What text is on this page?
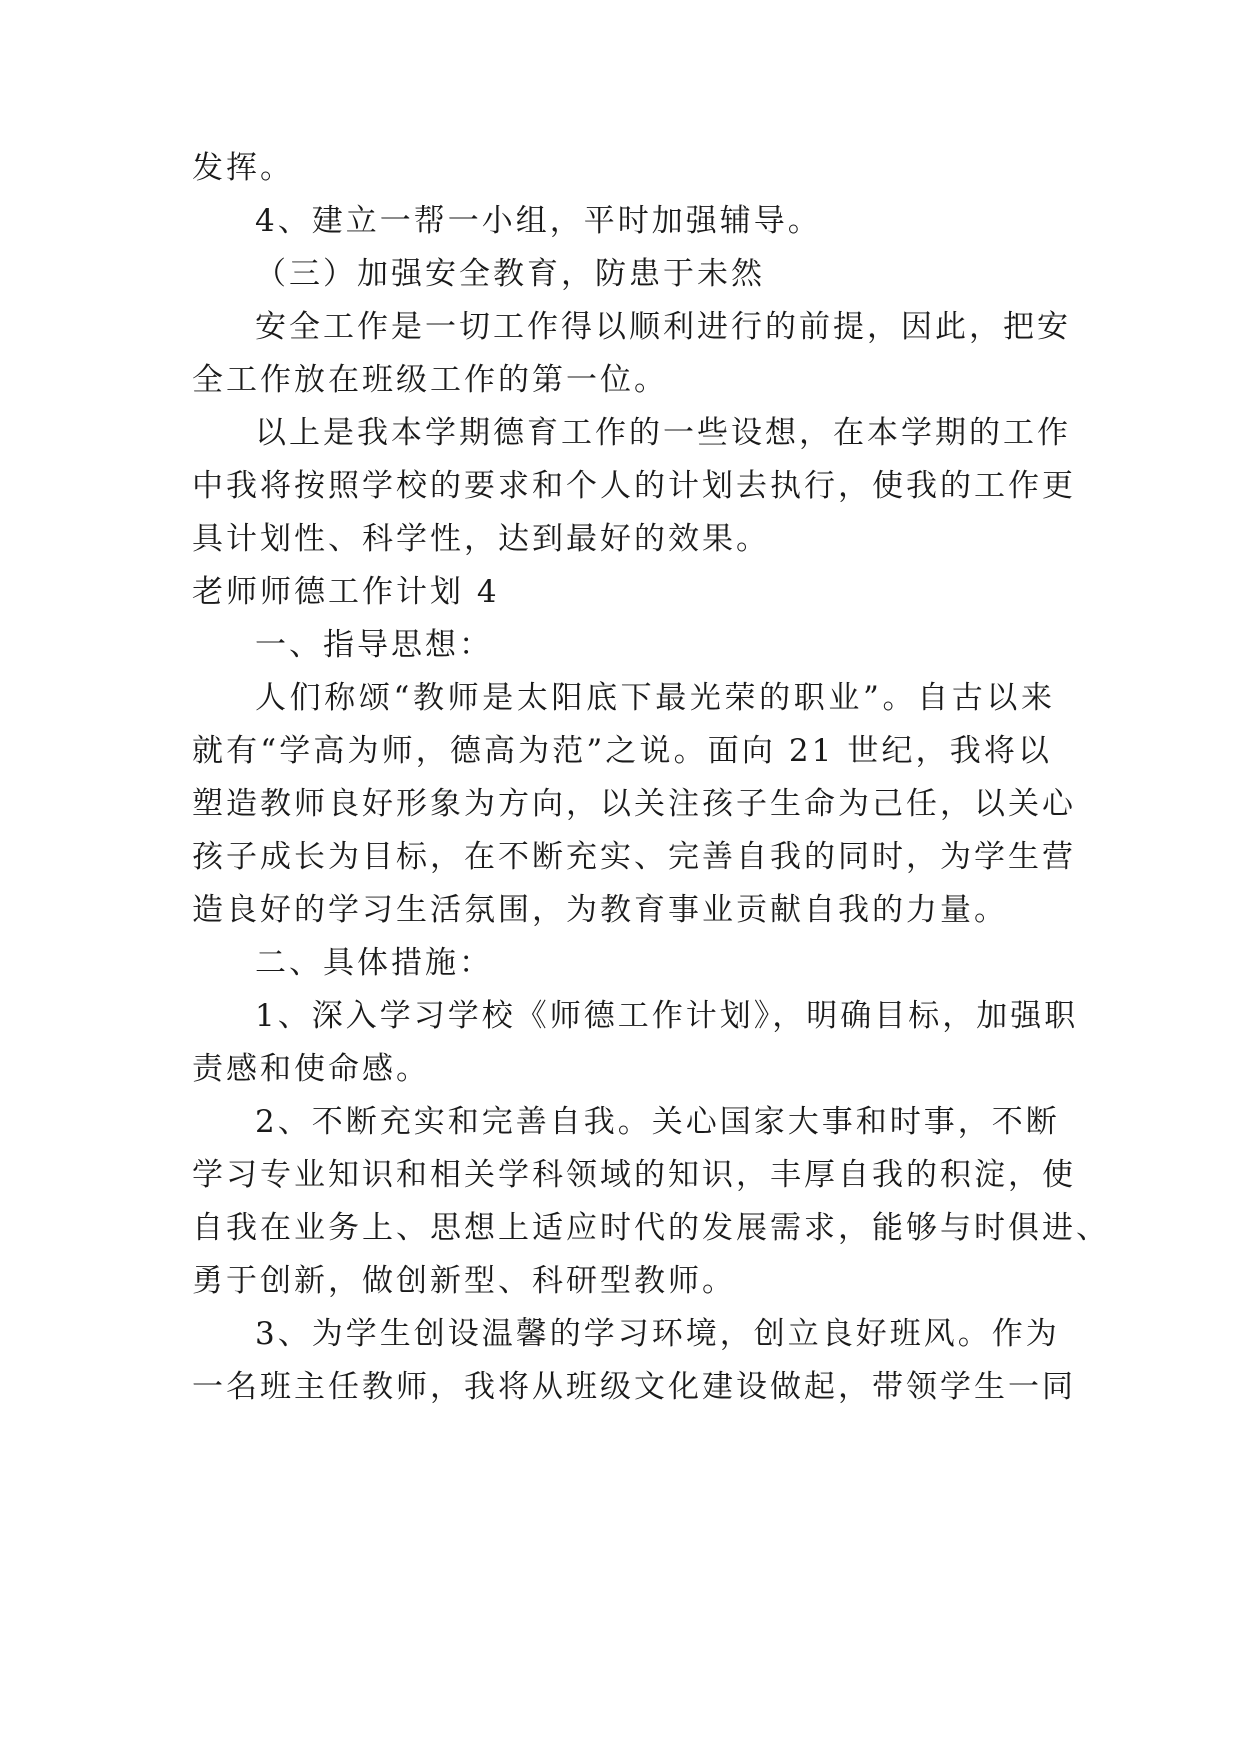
发挥。
4、建立一帮一小组，平时加强辅导。
（三）加强安全教育，防患于未然
安全工作是一切工作得以顺利进行的前提，因此，把安
全工作放在班级工作的第一位。
以上是我本学期德育工作的一些设想，在本学期的工作
中我将按照学校的要求和个人的计划去执行，使我的工作更
具计划性、科学性，达到最好的效果。
老师师德工作计划 4
一、指导思想：
人们称颂“教师是太阳底下最光荣的职业”。自古以来
就有“学高为师，德高为范”之说。面向 21 世纪，我将以
塑造教师良好形象为方向，以关注孩子生命为己任，以关心
孩子成长为目标，在不断充实、完善自我的同时，为学生营
造良好的学习生活氛围，为教育事业贡献自我的力量。
二、具体措施：
1、深入学习学校《师德工作计划》，明确目标，加强职
责感和使命感。
2、不断充实和完善自我。关心国家大事和时事，不断
学习专业知识和相关学科领域的知识，丰厚自我的积淀，使
自我在业务上、思想上适应时代的发展需求，能够与时俱进、
勇于创新，做创新型、科研型教师。
3、为学生创设温馨的学习环境，创立良好班风。作为
一名班主任教师，我将从班级文化建设做起，带领学生一同
